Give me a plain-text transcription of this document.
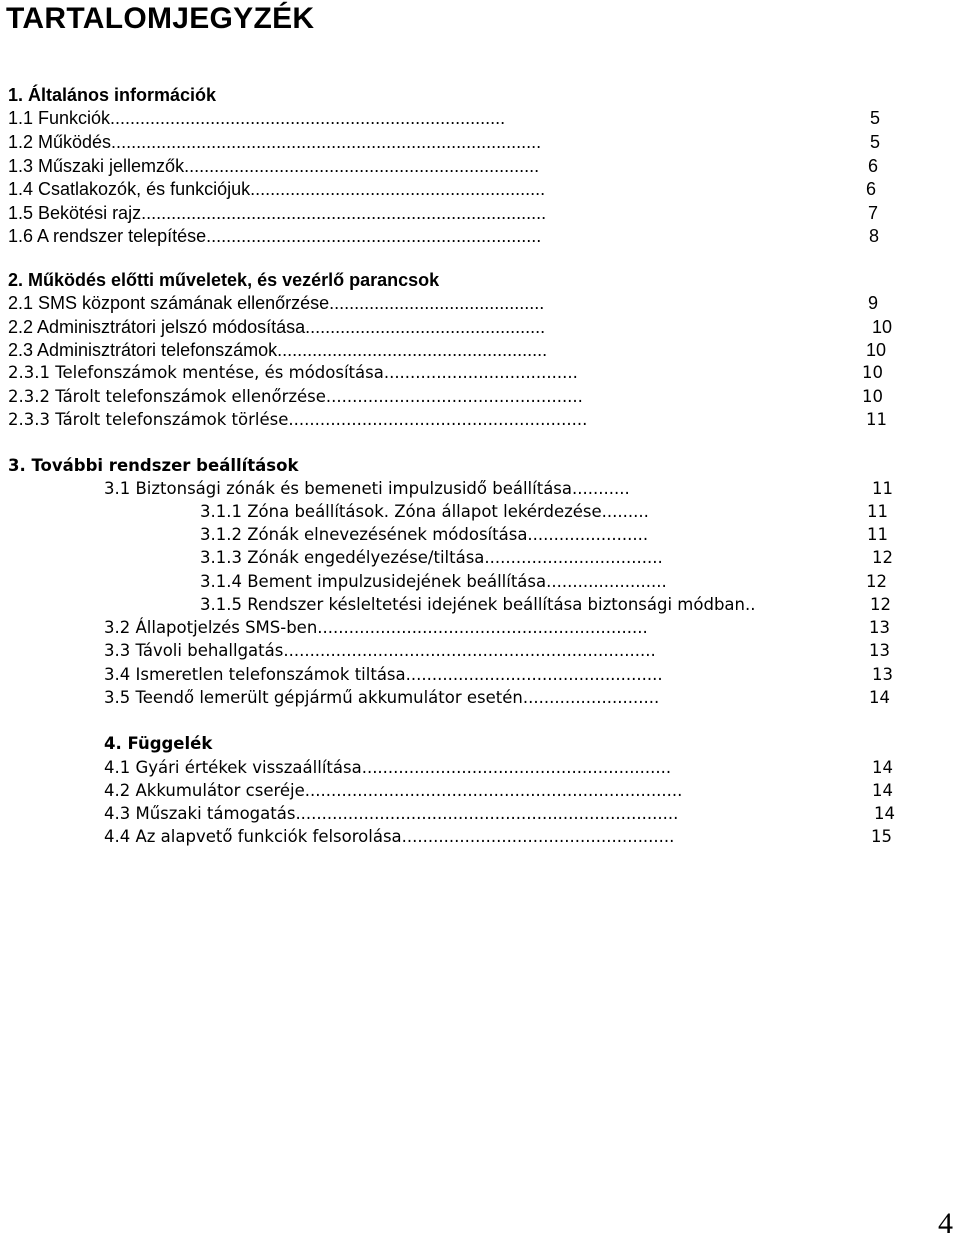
TARTALOMJEGYZÉK
1. Általános információk
1.1 Funkciók...............................................................................	5
1.2 Működés......................................................................................	5
1.3 Műszaki jellemzők.......................................................................	6
1.4 Csatlakozók, és funkciójuk...........................................................	6
1.5 Bekötési rajz.................................................................................	7
1.6 A rendszer telepítése...................................................................	8
2. Működés előtti műveletek, és vezérlő parancsok
2.1 SMS központ számának ellenőrzése...........................................	9
2.2 Adminisztrátori jelszó módosítása................................................	10
2.3 Adminisztrátori telefonszámok......................................................	10
2.3.1 Telefonszámok mentése, és módosítása.....................................	10
2.3.2 Tárolt telefonszámok ellenőrzése.................................................	10
2.3.3 Tárolt telefonszámok törlése.........................................................	11
3. További rendszer beállítások
3.1 Biztonsági zónák és bemeneti impulzusidő beállítása...........	11
3.1.1 Zóna beállítások. Zóna állapot lekérdezése.........	11
3.1.2 Zónák elnevezésének módosítása.......................	11
3.1.3 Zónák engedélyezése/tiltása..................................	12
3.1.4 Bement impulzusidejének beállítása.......................	12
3.1.5 Rendszer késleltetési idejének beállítása biztonsági módban..	12
3.2 Állapotjelzés SMS-ben...............................................................	13
3.3 Távoli behallgatás.......................................................................	13
3.4 Ismeretlen telefonszámok tiltása.................................................	13
3.5 Teendő lemerült gépjármű akkumulátor esetén..........................	14
4. Függelék
4.1 Gyári értékek visszaállítása...........................................................	14
4.2 Akkumulátor cseréje........................................................................	14
4.3 Műszaki támogatás.........................................................................	14
4.4 Az alapvető funkciók felsorolása....................................................	15
4
